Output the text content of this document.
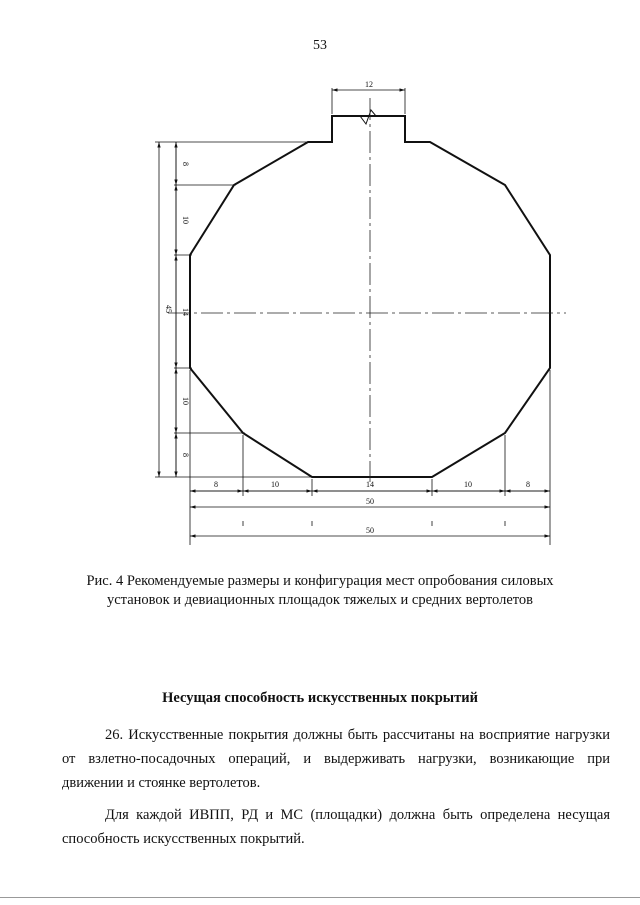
53
12
45
8
10
14
10
8
8	10	14	10	8
50
50
Рис. 4 Рекомендуемые размеры и конфигурация мест опробования силовых установок и девиационных площадок тяжелых и средних вертолетов
Несущая способность искусственных покрытий
26. Искусственные покрытия должны быть рассчитаны на восприятие нагрузки от взлетно-посадочных операций, и выдерживать нагрузки, возникающие при движении и стоянке вертолетов.
Для каждой ИВПП, РД и МС (площадки) должна быть определена несущая способность искусственных покрытий.
